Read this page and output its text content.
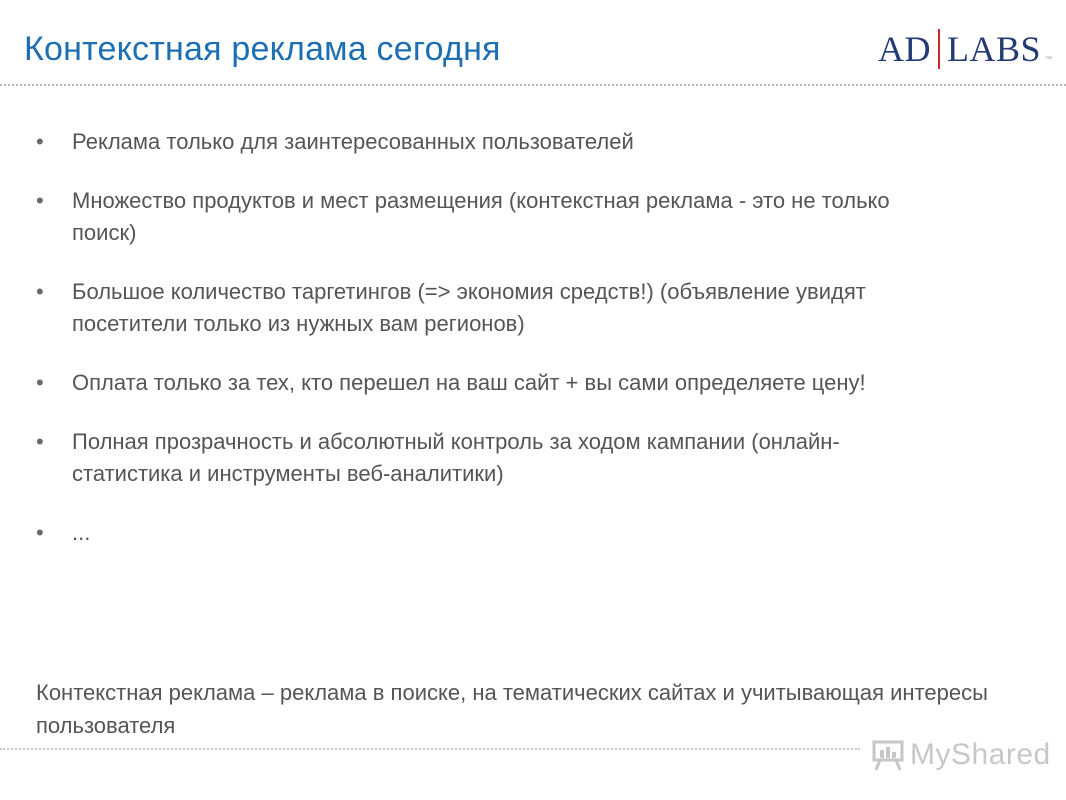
Контекстная реклама сегодня	AD LABS ™
• Реклама только для заинтересованных пользователей
• Множество продуктов и мест размещения (контекстная реклама - это не только поиск)
• Большое количество таргетингов (=> экономия средств!) (объявление увидят посетители только из нужных вам регионов)
• Оплата только за тех, кто перешел на ваш сайт + вы сами определяете цену!
• Полная прозрачность и абсолютный контроль за ходом кампании (онлайн-статистика и инструменты веб-аналитики)
• ...

Контекстная реклама – реклама в поиске, на тематических сайтах и учитывающая интересы пользователя

MyShared
